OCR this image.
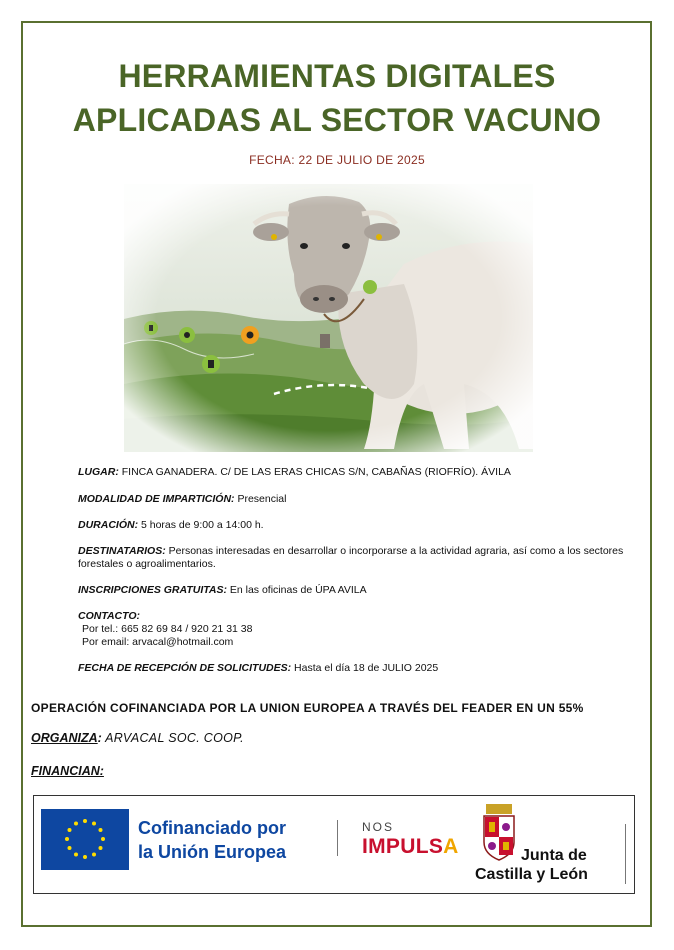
HERRAMIENTAS DIGITALES
APLICADAS AL SECTOR VACUNO
FECHA: 22 DE JULIO DE 2025
LUGAR: FINCA GANADERA. C/ DE LAS ERAS CHICAS S/N, CABAÑAS (RIOFRÍO). ÁVILA
MODALIDAD DE IMPARTICIÓN: Presencial
DURACIÓN: 5 horas de 9:00 a 14:00 h.
DESTINATARIOS: Personas interesadas en desarrollar o incorporarse a la actividad agraria, así como a los sectores forestales o agroalimentarios.
INSCRIPCIONES GRATUITAS: En las oficinas de ÚPA AVILA
CONTACTO:
Por tel.: 665 82 69 84 / 920 21 31 38
Por email: arvacal@hotmail.com
FECHA DE RECEPCIÓN DE SOLICITUDES: Hasta el día 18 de JULIO 2025
OPERACIÓN COFINANCIADA POR LA UNION EUROPEA A TRAVÉS DEL FEADER EN UN 55%
ORGANIZA: ARVACAL SOC. COOP.
FINANCIAN:
Cofinanciado por
la Unión Europea
NOS
IMPULSA	Junta de
Castilla y León
